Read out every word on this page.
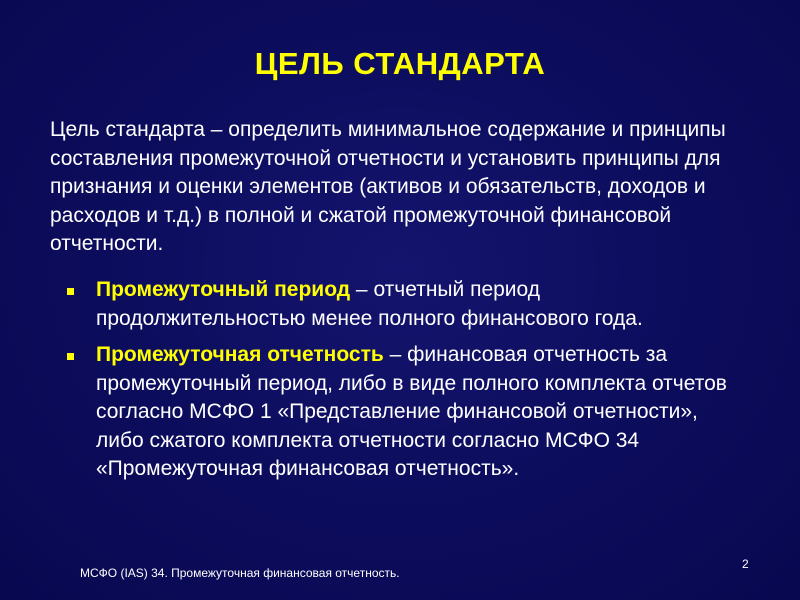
ЦЕЛЬ СТАНДАРТА
Цель стандарта – определить минимальное содержание и принципы составления промежуточной отчетности и установить принципы для признания и оценки элементов (активов и обязательств, доходов и расходов и т.д.) в полной и сжатой промежуточной финансовой отчетности.
Промежуточный период – отчетный период продолжительностью менее полного финансового года.
Промежуточная отчетность – финансовая отчетность за промежуточный период, либо в виде полного комплекта отчетов согласно МСФО 1 «Представление финансовой отчетности», либо сжатого комплекта отчетности согласно МСФО 34 «Промежуточная финансовая отчетность».
МСФО (IAS) 34. Промежуточная финансовая отчетность.
2
